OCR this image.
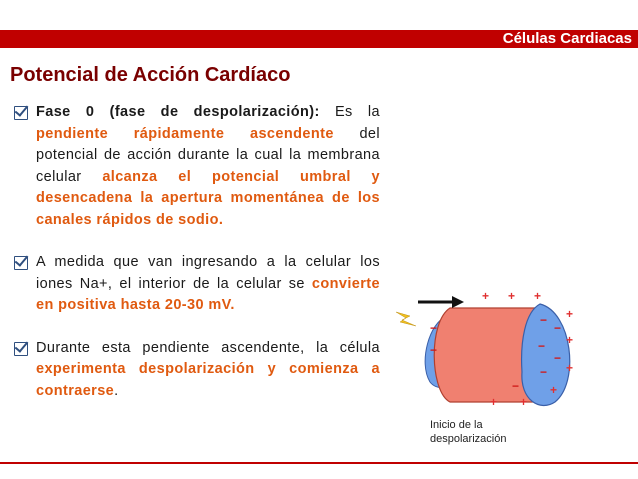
Células Cardiacas
Potencial de Acción Cardíaco
Fase 0 (fase de despolarización): Es la pendiente rápidamente ascendente del potencial de acción durante la cual la membrana celular alcanza el potencial umbral y desencadena la apertura momentánea de los canales rápidos de sodio.
A medida que van ingresando a la celular los iones Na+, el interior de la celular se convierte en positiva hasta 20-30 mV.
Durante esta pendiente ascendente, la célula experimenta despolarización y comienza a contraerse.
+ + +
+
+
+
+
+
+
−
−
−
−
−
−
−
−
Inicio de la
despolarización
